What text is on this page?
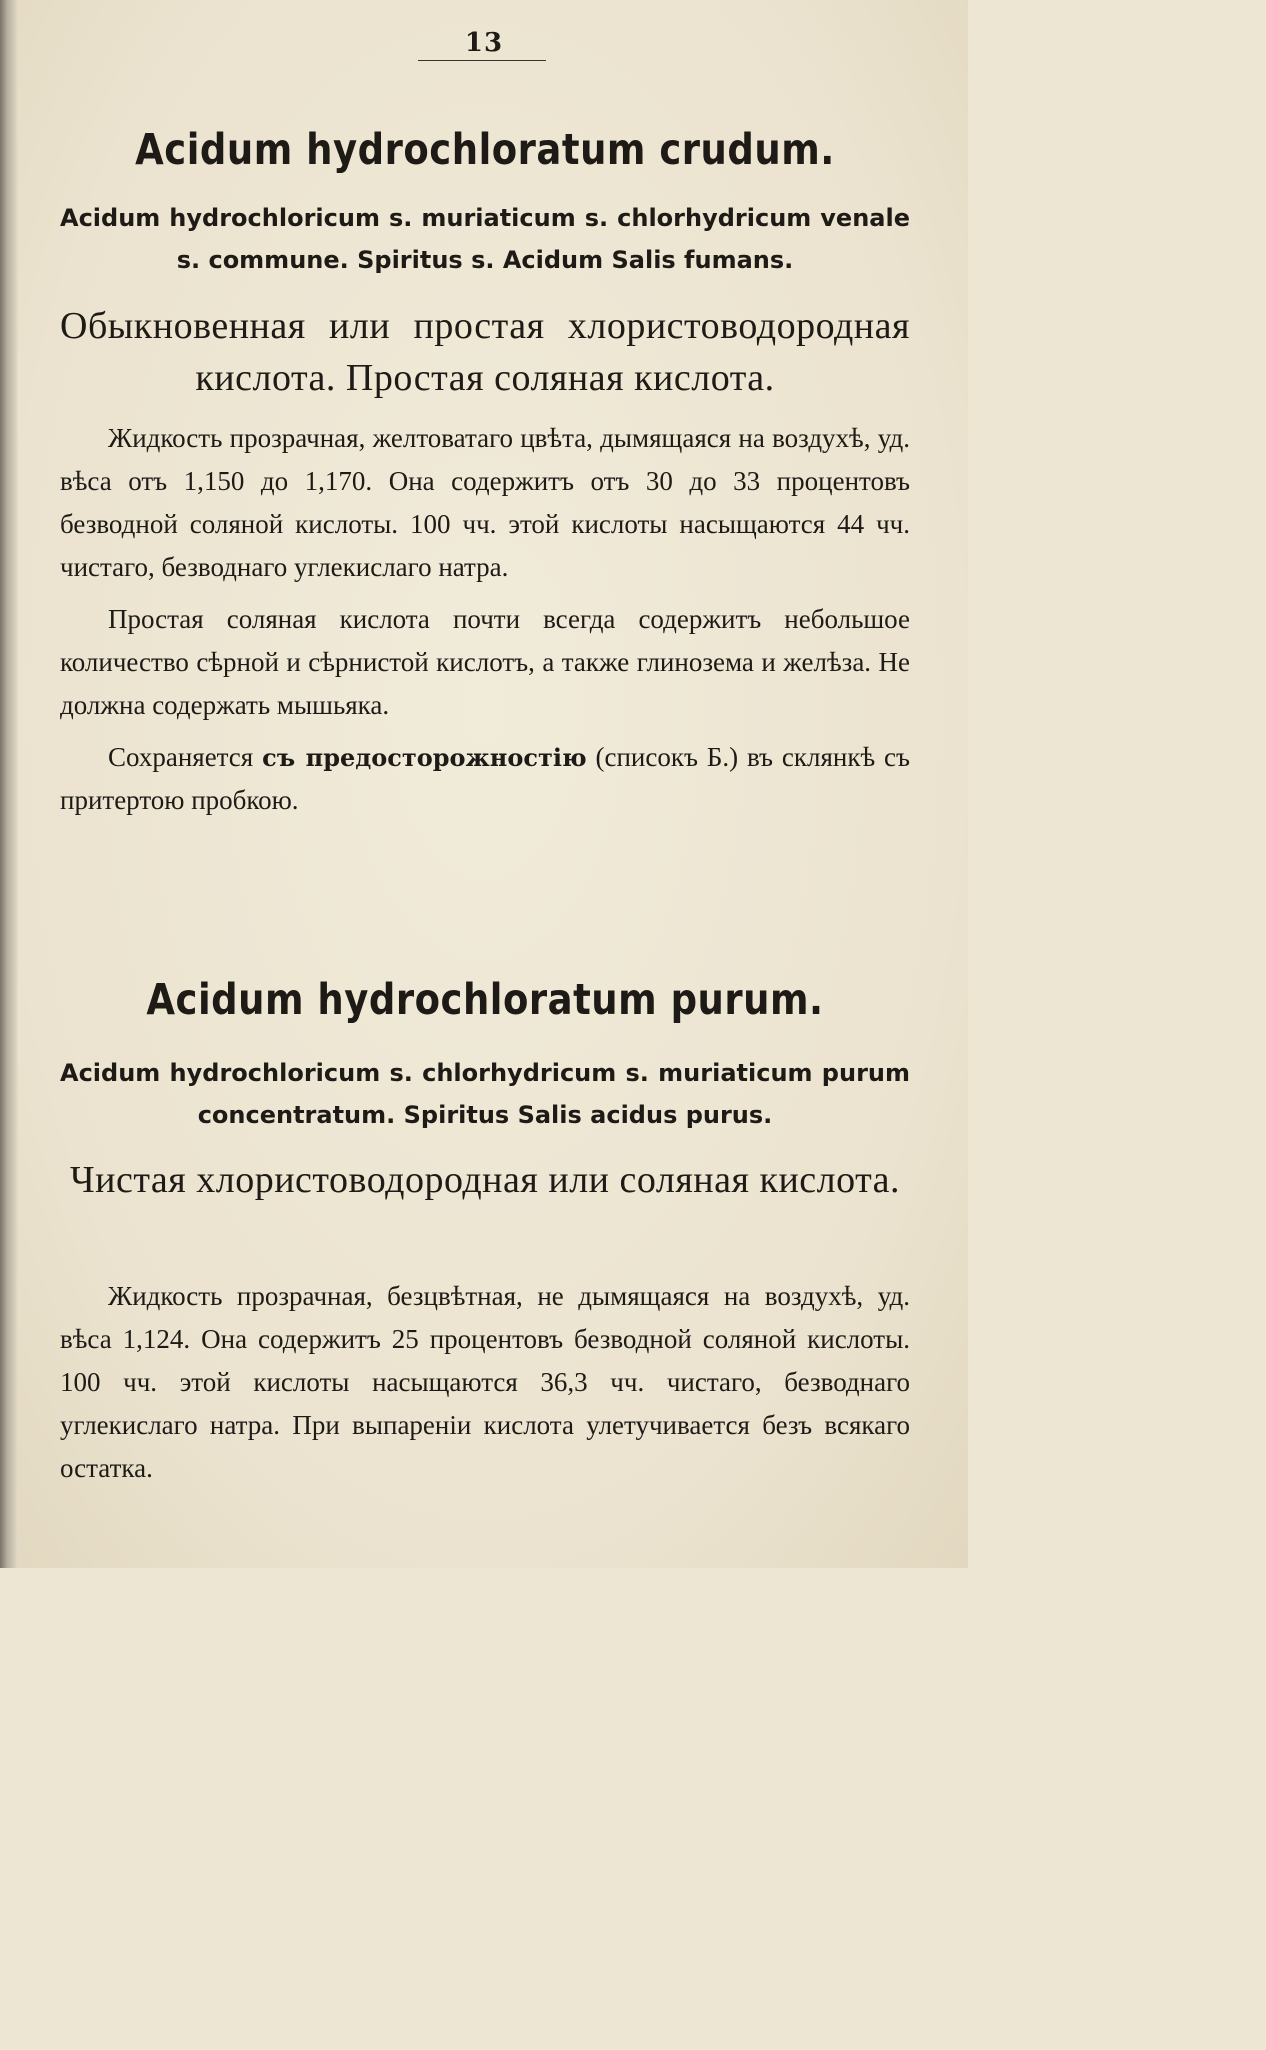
13
Acidum hydrochloratum crudum.

Acidum hydrochloricum s. muriaticum s. chlorhydricum venale s. commune. Spiritus s. Acidum Salis fumans.

Обыкновенная или простая хлористоводородная кислота. Простая соляная кислота.

Жидкость прозрачная, желтоватаго цвѣта, дымящаяся на воздухѣ, уд. вѣса отъ 1,150 до 1,170. Она содержитъ отъ 30 до 33 процентовъ безводной соляной кислоты. 100 чч. этой кислоты насыщаются 44 чч. чистаго, безводнаго углекислаго натра.

Простая соляная кислота почти всегда содержитъ небольшое количество сѣрной и сѣрнистой кислотъ, а также глинозема и желѣза. Не должна содержать мышьяка.

Сохраняется съ предосторожностію (списокъ Б.) въ склянкѣ съ притертою пробкою.

Acidum hydrochloratum purum.

Acidum hydrochloricum s. chlorhydricum s. muriaticum purum concentratum. Spiritus Salis acidus purus.

Чистая хлористоводородная или соляная кислота.

Жидкость прозрачная, безцвѣтная, не дымящаяся на воздухѣ, уд. вѣса 1,124. Она содержитъ 25 процентовъ безводной соляной кислоты. 100 чч. этой кислоты насыщаются 36,3 чч. чистаго, безводнаго углекислаго натра. При выпареніи кислота улетучивается безъ всякаго остатка.
